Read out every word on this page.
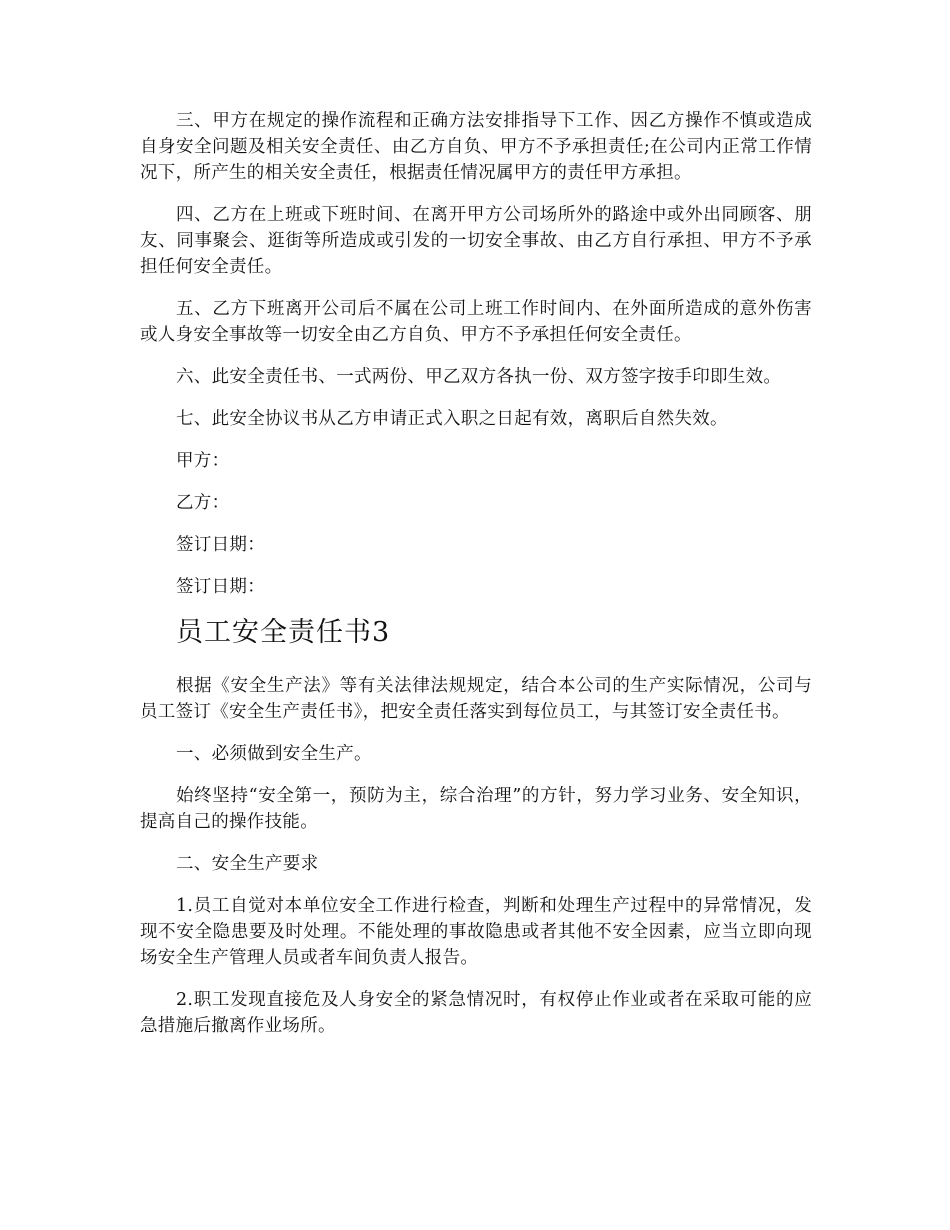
三、甲方在规定的操作流程和正确方法安排指导下工作、因乙方操作不慎或造成自身安全问题及相关安全责任、由乙方自负、甲方不予承担责任;在公司内正常工作情况下，所产生的相关安全责任，根据责任情况属甲方的责任甲方承担。

四、乙方在上班或下班时间、在离开甲方公司场所外的路途中或外出同顾客、朋友、同事聚会、逛街等所造成或引发的一切安全事故、由乙方自行承担、甲方不予承担任何安全责任。

五、乙方下班离开公司后不属在公司上班工作时间内、在外面所造成的意外伤害或人身安全事故等一切安全由乙方自负、甲方不予承担任何安全责任。

六、此安全责任书、一式两份、甲乙双方各执一份、双方签字按手印即生效。

七、此安全协议书从乙方申请正式入职之日起有效，离职后自然失效。

甲方：

乙方：

签订日期：

签订日期：

员工安全责任书3

根据《安全生产法》等有关法律法规规定，结合本公司的生产实际情况，公司与员工签订《安全生产责任书》，把安全责任落实到每位员工，与其签订安全责任书。

一、必须做到安全生产。

始终坚持“安全第一，预防为主，综合治理”的方针，努力学习业务、安全知识，提高自己的操作技能。

二、安全生产要求

1.员工自觉对本单位安全工作进行检查，判断和处理生产过程中的异常情况，发现不安全隐患要及时处理。不能处理的事故隐患或者其他不安全因素，应当立即向现场安全生产管理人员或者车间负责人报告。

2.职工发现直接危及人身安全的紧急情况时，有权停止作业或者在采取可能的应急措施后撤离作业场所。
